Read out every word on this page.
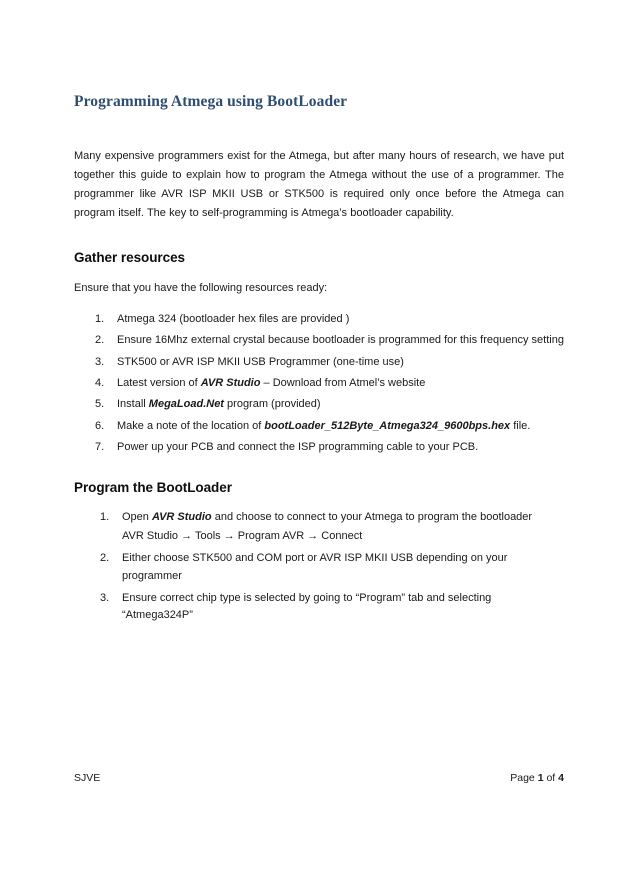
Programming Atmega using BootLoader

Many expensive programmers exist for the Atmega, but after many hours of research, we have put together this guide to explain how to program the Atmega without the use of a programmer. The programmer like AVR ISP MKII USB or STK500 is required only once before the Atmega can program itself. The key to self-programming is Atmega’s bootloader capability.

Gather resources

Ensure that you have the following resources ready:

1.	Atmega 324 (bootloader hex files are provided )
2.	Ensure 16Mhz external crystal because bootloader is programmed for this frequency setting
3.	STK500 or AVR ISP MKII USB Programmer (one-time use)
4.	Latest version of AVR Studio – Download from Atmel’s website
5.	Install MegaLoad.Net program (provided)
6.	Make a note of the location of bootLoader_512Byte_Atmega324_9600bps.hex file.
7.	Power up your PCB and connect the ISP programming cable to your PCB.
Program the BootLoader
1.	Open AVR Studio and choose to connect to your Atmega to program the bootloader
AVR Studio → Tools → Program AVR → Connect
2.	Either choose STK500 and COM port or AVR ISP MKII USB depending on your programmer
3.	Ensure correct chip type is selected by going to “Program” tab and selecting “Atmega324P”
SJVE	Page 1 of 4
